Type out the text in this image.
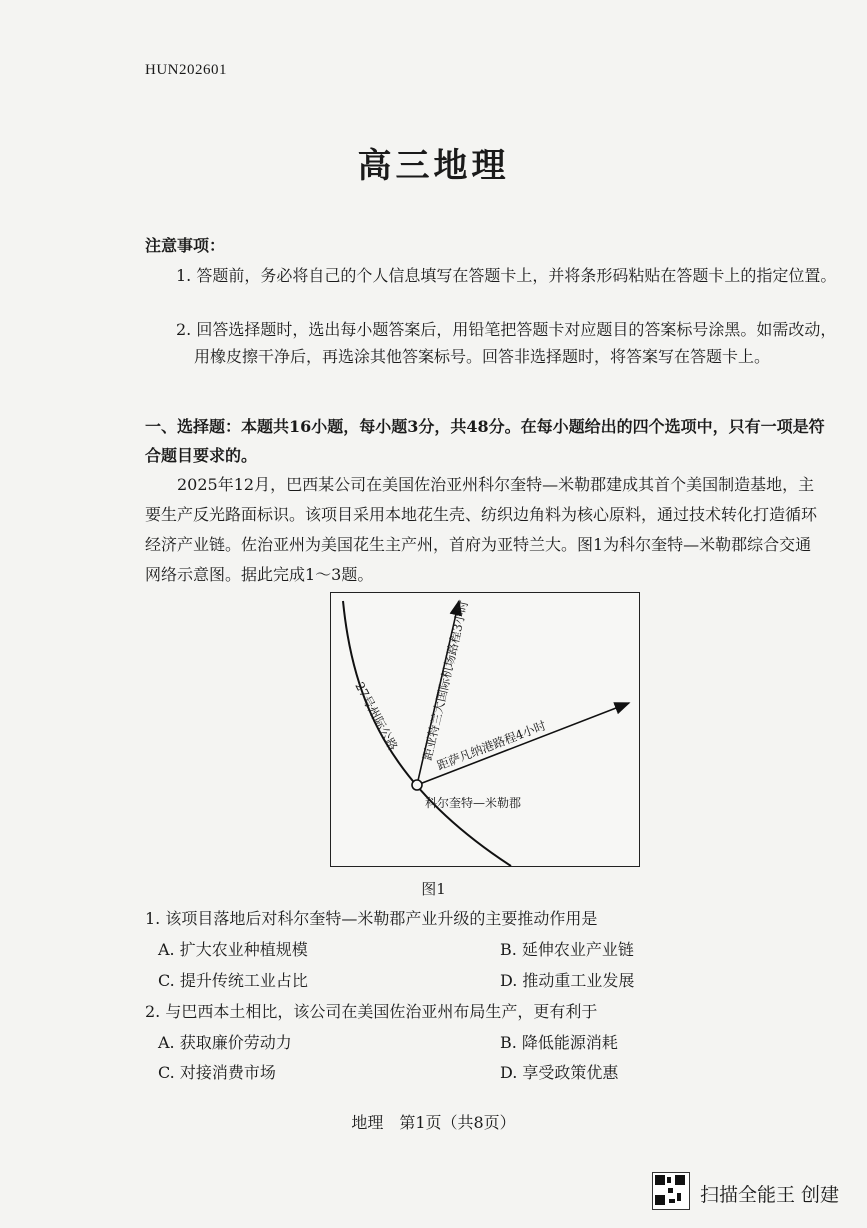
HUN202601
高三地理
注意事项：
1. 答题前，务必将自己的个人信息填写在答题卡上，并将条形码粘贴在答题卡上的指定位置。
2. 回答选择题时，选出每小题答案后，用铅笔把答题卡对应题目的答案标号涂黑。如需改动，用橡皮擦干净后，再选涂其他答案标号。回答非选择题时，将答案写在答题卡上。
一、选择题：本题共16小题，每小题3分，共48分。在每小题给出的四个选项中，只有一项是符合题目要求的。
2025年12月，巴西某公司在美国佐治亚州科尔奎特—米勒郡建成其首个美国制造基地，主要生产反光路面标识。该项目采用本地花生壳、纺织边角料为核心原料，通过技术转化打造循环经济产业链。佐治亚州为美国花生主产州，首府为亚特兰大。图1为科尔奎特—米勒郡综合交通网络示意图。据此完成1～3题。
27号州际公路 距亚特兰大国际机场路程3小时
距萨凡纳港路程4小时
科尔奎特—米勒郡
图1
1. 该项目落地后对科尔奎特—米勒郡产业升级的主要推动作用是
A. 扩大农业种植规模	B. 延伸农业产业链
C. 提升传统工业占比	D. 推动重工业发展
2. 与巴西本土相比，该公司在美国佐治亚州布局生产，更有利于
A. 获取廉价劳动力	B. 降低能源消耗
C. 对接消费市场	D. 享受政策优惠
地理　第1页（共8页）
扫描全能王 创建
